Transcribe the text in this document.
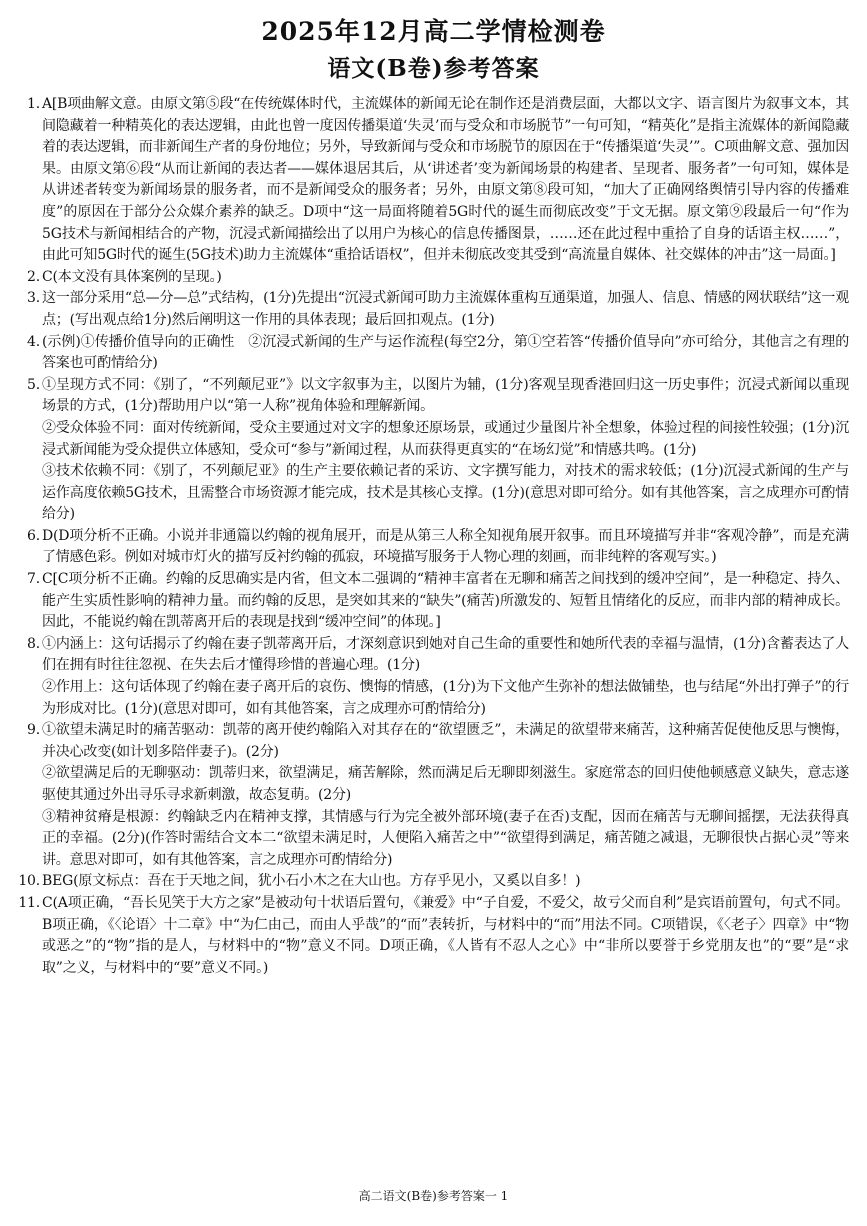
2025年12月高二学情检测卷
语文(B卷)参考答案
1. A[B项曲解文意。由原文第⑤段“在传统媒体时代，主流媒体的新闻无论在制作还是消费层面，大都以文字、语言图片为叙事文本，其间隐藏着一种精英化的表达逻辑，由此也曾一度因传播渠道‘失灵’而与受众和市场脱节”一句可知，“精英化”是指主流媒体的新闻隐藏着的表达逻辑，而非新闻生产者的身份地位；另外，导致新闻与受众和市场脱节的原因在于“传播渠道‘失灵’”。C项曲解文意、强加因果。由原文第⑥段“从而让新闻的表达者——媒体退居其后，从‘讲述者’变为新闻场景的构建者、呈现者、服务者”一句可知，媒体是从讲述者转变为新闻场景的服务者，而不是新闻受众的服务者；另外，由原文第⑧段可知，“加大了正确网络舆情引导内容的传播难度”的原因在于部分公众媒介素养的缺乏。D项中“这一局面将随着5G时代的诞生而彻底改变”于文无据。原文第⑨段最后一句“作为5G技术与新闻相结合的产物，沉浸式新闻描绘出了以用户为核心的信息传播图景，……还在此过程中重拾了自身的话语主权……”，由此可知5G时代的诞生(5G技术)助力主流媒体“重拾话语权”，但并未彻底改变其受到“高流量自媒体、社交媒体的冲击”这一局面。]

2. C(本文没有具体案例的呈现。)

3. 这一部分采用“总—分—总”式结构，(1分)先提出“沉浸式新闻可助力主流媒体重构互通渠道，加强人、信息、情感的网状联结”这一观点；(写出观点给1分)然后阐明这一作用的具体表现；最后回扣观点。(1分)

4. (示例)①传播价值导向的正确性　②沉浸式新闻的生产与运作流程(每空2分，第①空若答“传播价值导向”亦可给分，其他言之有理的答案也可酌情给分)

5. ①呈现方式不同：《别了，“不列颠尼亚”》以文字叙事为主，以图片为辅，(1分)客观呈现香港回归这一历史事件；沉浸式新闻以重现场景的方式，(1分)帮助用户以“第一人称”视角体验和理解新闻。

②受众体验不同：面对传统新闻，受众主要通过对文字的想象还原场景，或通过少量图片补全想象，体验过程的间接性较强；(1分)沉浸式新闻能为受众提供立体感知，受众可“参与”新闻过程，从而获得更真实的“在场幻觉”和情感共鸣。(1分)

③技术依赖不同：《别了，不列颠尼亚》的生产主要依赖记者的采访、文字撰写能力，对技术的需求较低；(1分)沉浸式新闻的生产与运作高度依赖5G技术，且需整合市场资源才能完成，技术是其核心支撑。(1分)(意思对即可给分。如有其他答案，言之成理亦可酌情给分)

6. D(D项分析不正确。小说并非通篇以约翰的视角展开，而是从第三人称全知视角展开叙事。而且环境描写并非“客观冷静”，而是充满了情感色彩。例如对城市灯火的描写反衬约翰的孤寂，环境描写服务于人物心理的刻画，而非纯粹的客观写实。)

7. C[C项分析不正确。约翰的反思确实是内省，但文本二强调的“精神丰富者在无聊和痛苦之间找到的缓冲空间”，是一种稳定、持久、能产生实质性影响的精神力量。而约翰的反思，是突如其来的“缺失”(痛苦)所激发的、短暂且情绪化的反应，而非内部的精神成长。因此，不能说约翰在凯蒂离开后的表现是找到“缓冲空间”的体现。]

8. ①内涵上：这句话揭示了约翰在妻子凯蒂离开后，才深刻意识到她对自己生命的重要性和她所代表的幸福与温情，(1分)含蓄表达了人们在拥有时往往忽视、在失去后才懂得珍惜的普遍心理。(1分)

②作用上：这句话体现了约翰在妻子离开后的哀伤、懊悔的情感，(1分)为下文他产生弥补的想法做铺垫，也与结尾“外出打弹子”的行为形成对比。(1分)(意思对即可，如有其他答案，言之成理亦可酌情给分)

9. ①欲望未满足时的痛苦驱动：凯蒂的离开使约翰陷入对其存在的“欲望匮乏”，未满足的欲望带来痛苦，这种痛苦促使他反思与懊悔，并决心改变(如计划多陪伴妻子)。(2分)

②欲望满足后的无聊驱动：凯蒂归来，欲望满足，痛苦解除，然而满足后无聊即刻滋生。家庭常态的回归使他顿感意义缺失，意志遂驱使其通过外出寻乐寻求新刺激，故态复萌。(2分)

③精神贫瘠是根源：约翰缺乏内在精神支撑，其情感与行为完全被外部环境(妻子在否)支配，因而在痛苦与无聊间摇摆，无法获得真正的幸福。(2分)(作答时需结合文本二“欲望未满足时，人便陷入痛苦之中”“欲望得到满足，痛苦随之减退，无聊很快占据心灵”等来讲。意思对即可，如有其他答案，言之成理亦可酌情给分)

10. BEG(原文标点：吾在于天地之间，犹小石小木之在大山也。方存乎见小，又奚以自多！)

11. C(A项正确，“吾长见笑于大方之家”是被动句十状语后置句，《兼爱》中“子自爱，不爱父，故亏父而自利”是宾语前置句，句式不同。B项正确，《〈论语〉十二章》中“为仁由己，而由人乎哉”的“而”表转折，与材料中的“而”用法不同。C项错误，《〈老子〉四章》中“物或恶之”的“物”指的是人，与材料中的“物”意义不同。D项正确，《人皆有不忍人之心》中“非所以要誉于乡党朋友也”的“要”是“求取”之义，与材料中的“要”意义不同。)

高二语文(B卷)参考答案一 1
